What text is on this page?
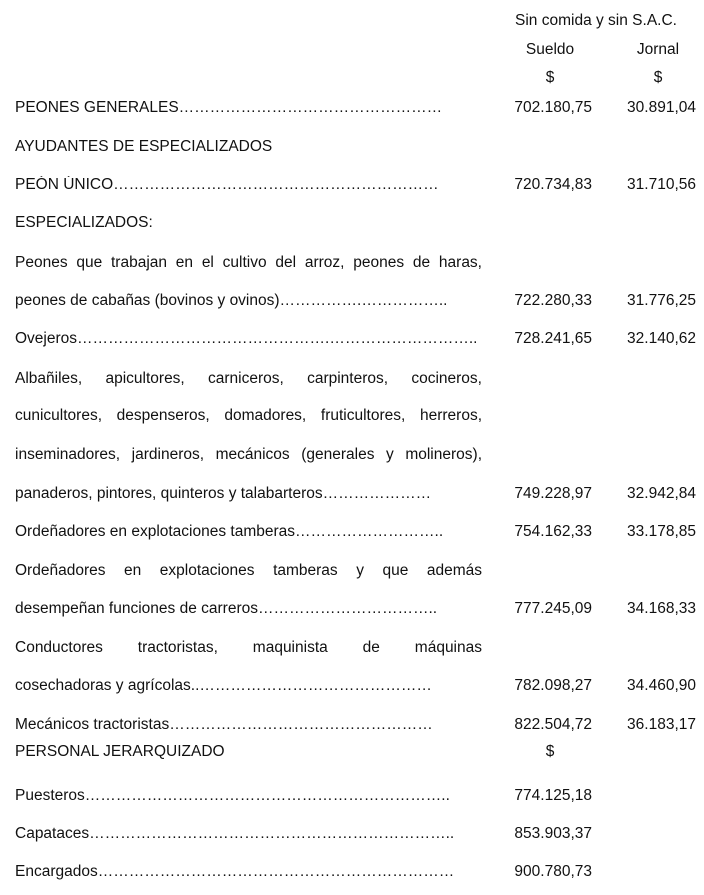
Sin comida y sin S.A.C.
Sueldo	Jornal
$	$
PEONES GENERALES……………………………………………	702.180,75	30.891,04
AYUDANTES DE ESPECIALIZADOS
PEÓN ÚNICO………………………………………………………	720.734,83	31.710,56
ESPECIALIZADOS:
Peones que trabajan en el cultivo del arroz, peones de haras,
peones de cabañas (bovinos y ovinos)…………….……………..	722.280,33	31.776,25
Ovejeros………………………………………….………………………..	728.241,65	32.140,62
Albañiles, apicultores, carniceros, carpinteros, cocineros,
cunicultores, despenseros, domadores, fruticultores, herreros,
inseminadores, jardineros, mecánicos (generales y molineros),
panaderos, pintores, quinteros y talabarteros…………………	749.228,97	32.942,84
Ordeñadores en explotaciones tamberas………………………..	754.162,33	33.178,85
Ordeñadores en explotaciones tamberas y que además
desempeñan funciones de carreros……………………………..	777.245,09	34.168,33
Conductores tractoristas, maquinista de máquinas
cosechadoras y agrícolas..………………………………………	782.098,27	34.460,90
Mecánicos tractoristas……………………………………………	822.504,72	36.183,17
PERSONAL JERARQUIZADO	$
Puesteros……………………………………………………………..	774.125,18
Capataces……………………………………………………………..	853.903,37
Encargados……………………………………………………………	900.780,73
